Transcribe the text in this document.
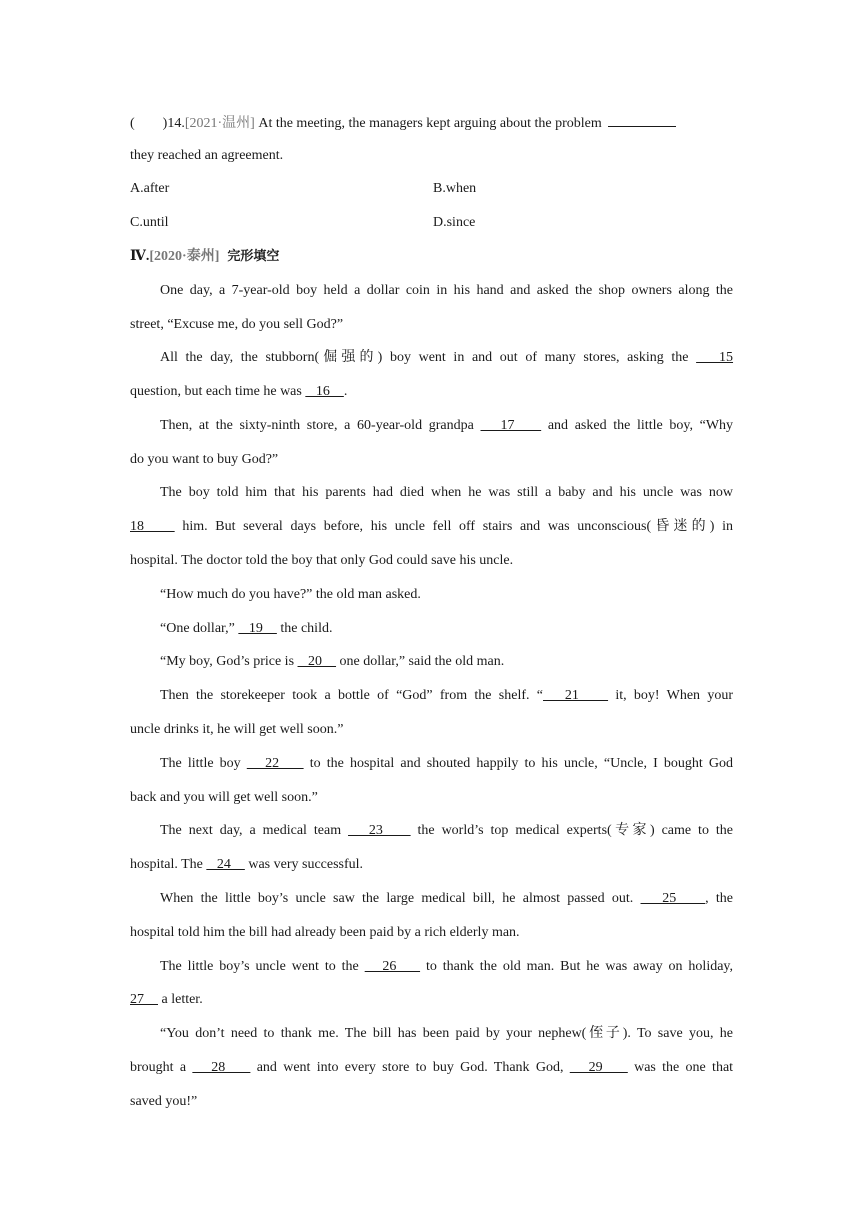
(        )14.[2021·温州] At the meeting, the managers kept arguing about the problem
they reached an agreement.
A.after	B.when
C.until	D.since
Ⅳ.[2020·泰州] 完形填空
One day, a 7-year-old boy held a dollar coin in his hand and asked the shop owners along the
street, “Excuse me, do you sell God?”
All the day, the stubborn(倔强的) boy went in and out of many stores, asking the    15
question, but each time he was    16    .
Then, at the sixty-ninth store, a 60-year-old grandpa    17     and asked the little boy, “Why
do you want to buy God?”
The boy told him that his parents had died when he was still a baby and his uncle was now
18     him. But several days before, his uncle fell off stairs and was unconscious(昏迷的) in
hospital. The doctor told the boy that only God could save his uncle.
“How much do you have?” the old man asked.
“One dollar,”    19     the child.
“My boy, God’s price is    20     one dollar,” said the old man.
Then the storekeeper took a bottle of “God” from the shelf. “   21     it, boy! When your
uncle drinks it, he will get well soon.”
The little boy    22     to the hospital and shouted happily to his uncle, “Uncle, I bought God
back and you will get well soon.”
The next day, a medical team    23     the world’s top medical experts(专家) came to the
hospital. The    24     was very successful.
When the little boy’s uncle saw the large medical bill, he almost passed out.    25    , the
hospital told him the bill had already been paid by a rich elderly man.
The little boy’s uncle went to the    26     to thank the old man. But he was away on holiday,
27     a letter.
“You don’t need to thank me. The bill has been paid by your nephew(侄子). To save you, he
brought a    28     and went into every store to buy God. Thank God,    29     was the one that
saved you!”
